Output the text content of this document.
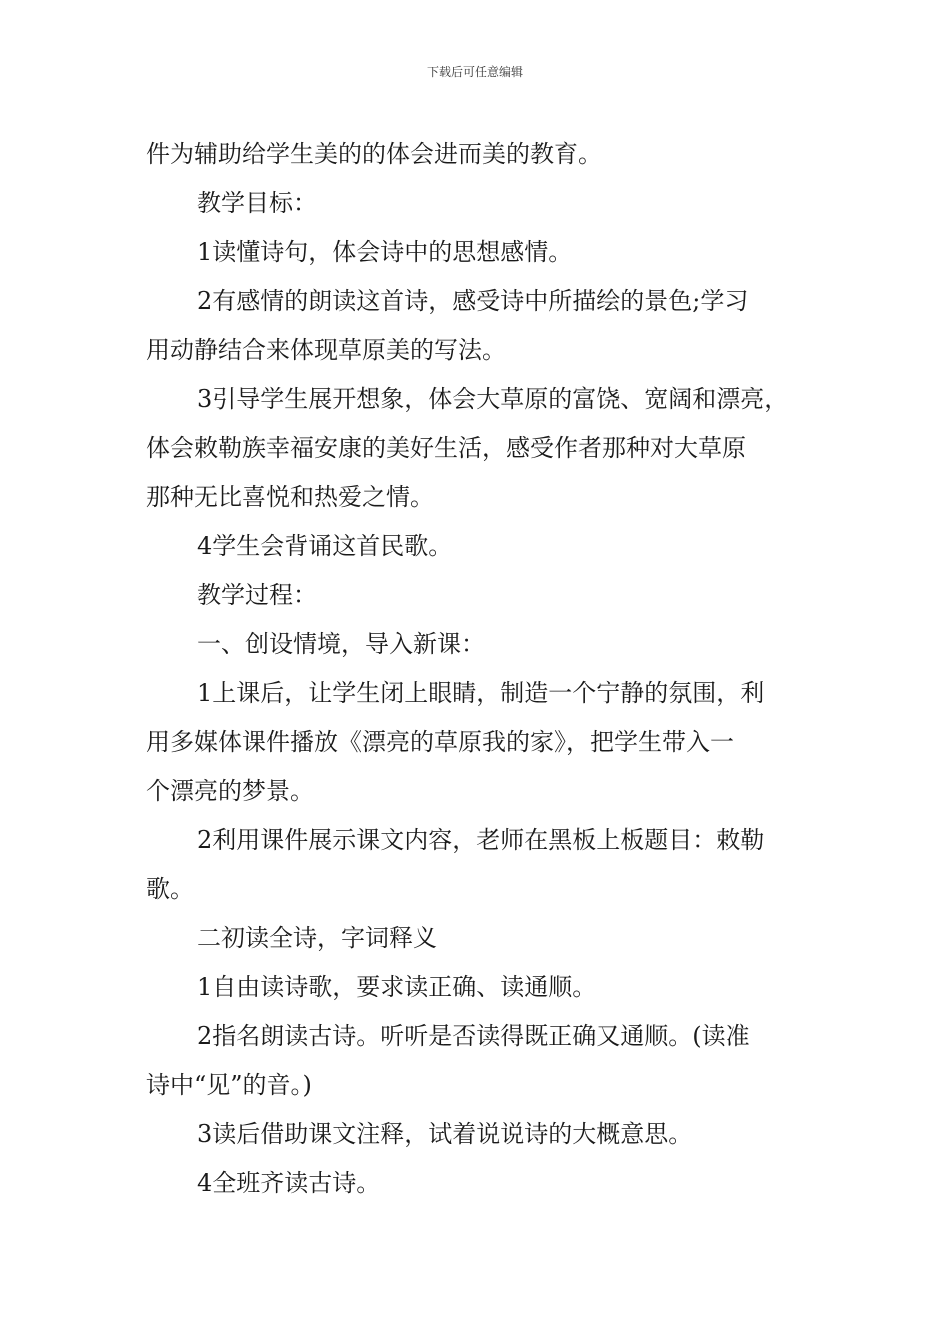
下载后可任意编辑
件为辅助给学生美的的体会进而美的教育。
教学目标：
1读懂诗句，体会诗中的思想感情。
2有感情的朗读这首诗，感受诗中所描绘的景色;学习
用动静结合来体现草原美的写法。
3引导学生展开想象，体会大草原的富饶、宽阔和漂亮，
体会敕勒族幸福安康的美好生活，感受作者那种对大草原
那种无比喜悦和热爱之情。
4学生会背诵这首民歌。
教学过程：
一、创设情境，导入新课：
1上课后，让学生闭上眼睛，制造一个宁静的氛围，利
用多媒体课件播放《漂亮的草原我的家》，把学生带入一
个漂亮的梦景。
2利用课件展示课文内容，老师在黑板上板题目：敕勒
歌。
二初读全诗，字词释义
1自由读诗歌，要求读正确、读通顺。
2指名朗读古诗。听听是否读得既正确又通顺。(读准
诗中“见”的音。)
3读后借助课文注释，试着说说诗的大概意思。
4全班齐读古诗。
